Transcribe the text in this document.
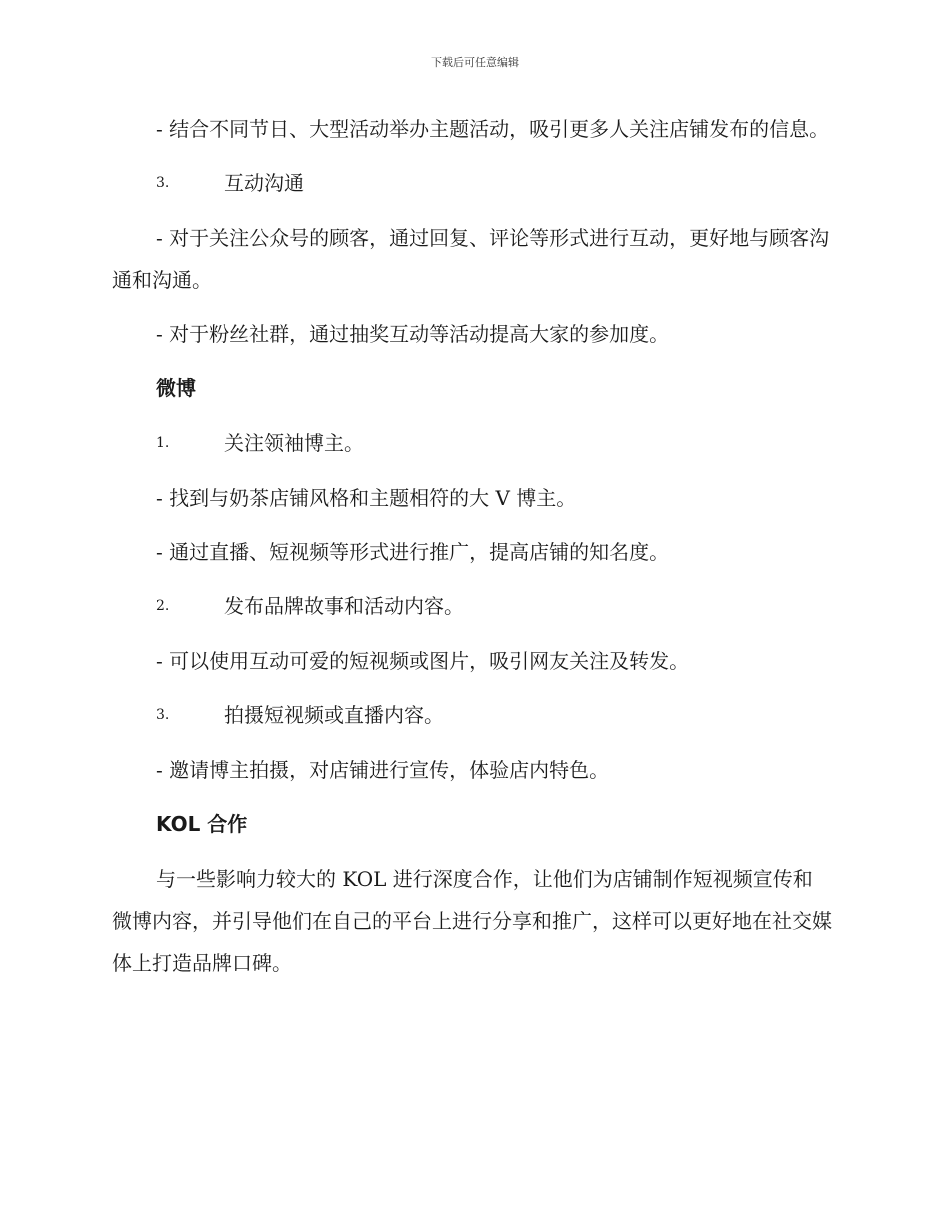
下载后可任意编辑

- 结合不同节日、大型活动举办主题活动，吸引更多人关注店铺发布的信息。

3.	互动沟通

- 对于关注公众号的顾客，通过回复、评论等形式进行互动，更好地与顾客沟通和沟通。

- 对于粉丝社群，通过抽奖互动等活动提高大家的参加度。

微博
1.	关注领袖博主。

- 找到与奶茶店铺风格和主题相符的大 V 博主。

- 通过直播、短视频等形式进行推广，提高店铺的知名度。

2.	发布品牌故事和活动内容。

- 可以使用互动可爱的短视频或图片，吸引网友关注及转发。

3.	拍摄短视频或直播内容。

- 邀请博主拍摄，对店铺进行宣传，体验店内特色。

KOL 合作

与一些影响力较大的 KOL 进行深度合作，让他们为店铺制作短视频宣传和微博内容，并引导他们在自己的平台上进行分享和推广，这样可以更好地在社交媒体上打造品牌口碑。
